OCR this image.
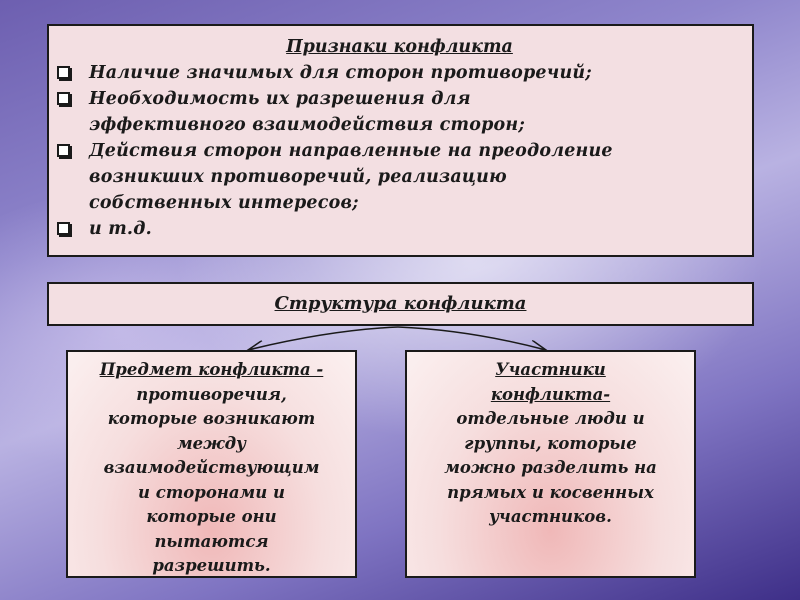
Признаки конфликта
Наличие значимых для сторон противоречий;
Необходимость их разрешения для
эффективного взаимодействия сторон;
Действия сторон направленные на преодоление
возникших противоречий, реализацию
собственных интересов;
и т.д.
Структура конфликта
Предмет конфликта -
противоречия,
которые возникают
между
взаимодействующим
и сторонами и
которые они
пытаются
разрешить.
Участники
конфликта-
отдельные люди и
группы, которые
можно разделить на
прямых и косвенных
участников.
